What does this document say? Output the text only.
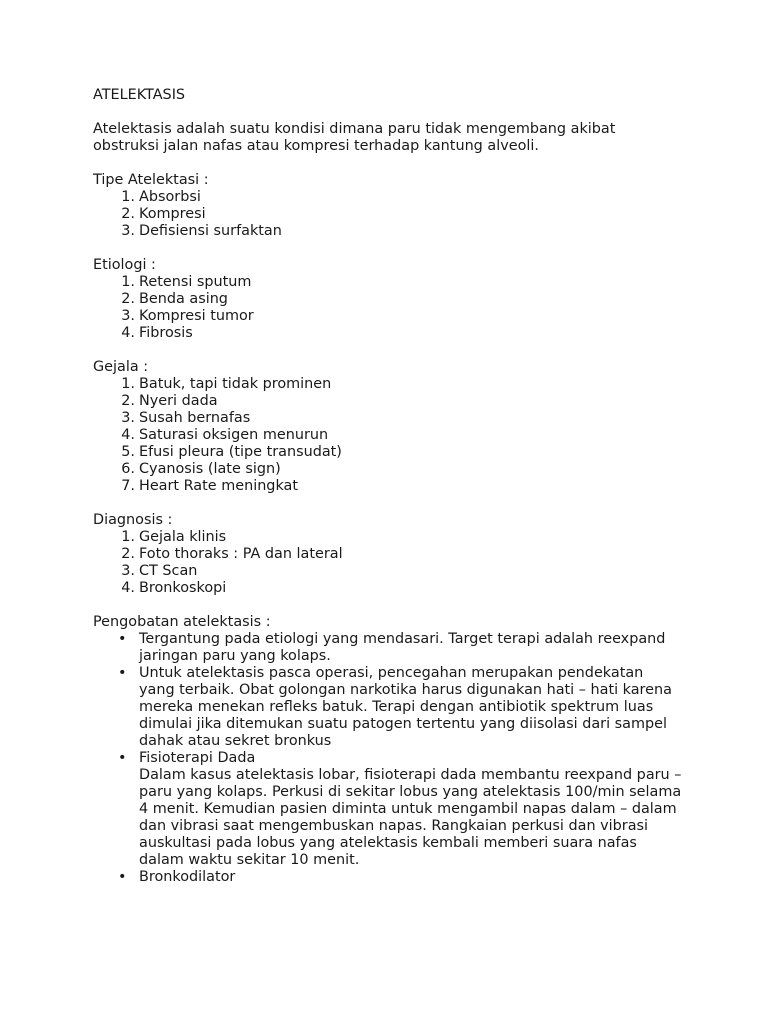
ATELEKTASIS

Atelektasis adalah suatu kondisi dimana paru tidak mengembang akibat obstruksi jalan nafas atau kompresi terhadap kantung alveoli.

Tipe Atelektasi :

1. Absorbsi
2. Kompresi
3. Defisiensi surfaktan

Etiologi :

1. Retensi sputum
2. Benda asing
3. Kompresi tumor
4. Fibrosis

Gejala :

1. Batuk, tapi tidak prominen
2. Nyeri dada
3. Susah bernafas
4. Saturasi oksigen menurun
5. Efusi pleura (tipe transudat)
6. Cyanosis (late sign)
7. Heart Rate meningkat

Diagnosis :

1. Gejala klinis
2. Foto thoraks : PA dan lateral
3. CT Scan
4. Bronkoskopi

Pengobatan atelektasis :

• Tergantung pada etiologi yang mendasari. Target terapi adalah reexpand jaringan paru yang kolaps.
• Untuk atelektasis pasca operasi, pencegahan merupakan pendekatan yang terbaik. Obat golongan narkotika harus digunakan hati – hati karena mereka menekan refleks batuk. Terapi dengan antibiotik spektrum luas dimulai jika ditemukan suatu patogen tertentu yang diisolasi dari sampel dahak atau sekret bronkus
• Fisioterapi Dada
Dalam kasus atelektasis lobar, fisioterapi dada membantu reexpand paru – paru yang kolaps. Perkusi di sekitar lobus yang atelektasis 100/min selama 4 menit. Kemudian pasien diminta untuk mengambil napas dalam – dalam dan vibrasi saat mengembuskan napas. Rangkaian perkusi dan vibrasi auskultasi pada lobus yang atelektasis kembali memberi suara nafas dalam waktu sekitar 10 menit.
• Bronkodilator
